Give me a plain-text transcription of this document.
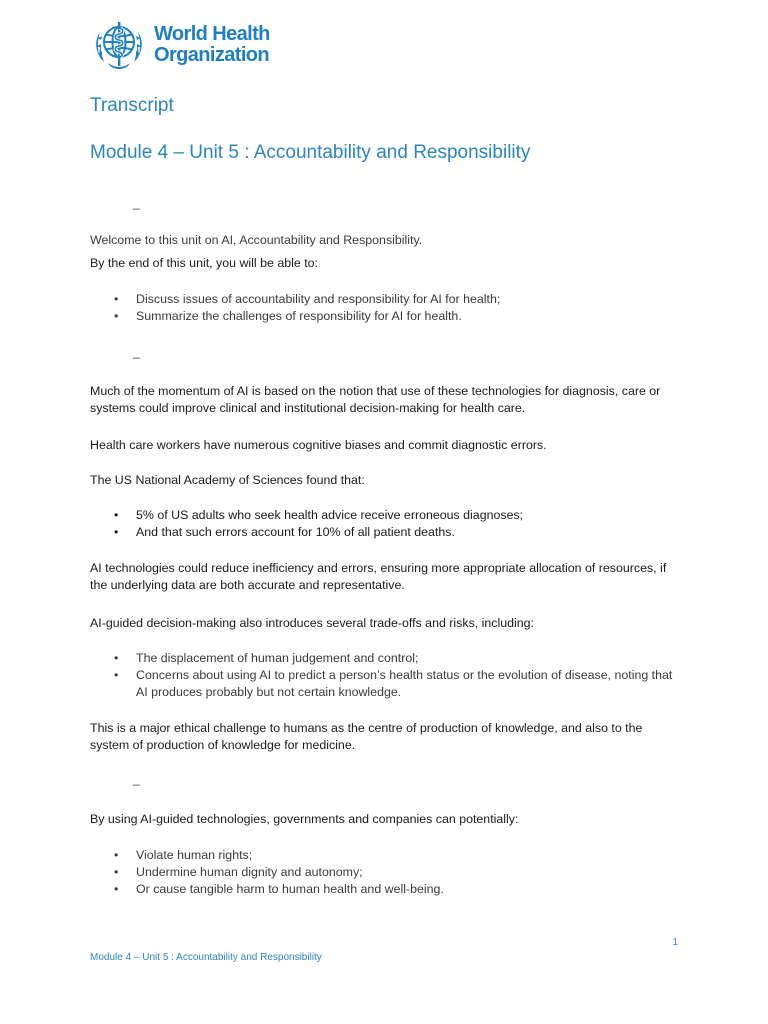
World Health
Organization
Transcript
Module 4 – Unit 5 : Accountability and Responsibility
_

Welcome to this unit on AI, Accountability and Responsibility.

By the end of this unit, you will be able to:

• Discuss issues of accountability and responsibility for AI for health;
• Summarize the challenges of responsibility for AI for health.
_

Much of the momentum of AI is based on the notion that use of these technologies for diagnosis, care or systems could improve clinical and institutional decision-making for health care.

Health care workers have numerous cognitive biases and commit diagnostic errors.

The US National Academy of Sciences found that:

• 5% of US adults who seek health advice receive erroneous diagnoses;
• And that such errors account for 10% of all patient deaths.

AI technologies could reduce inefficiency and errors, ensuring more appropriate allocation of resources, if the underlying data are both accurate and representative.

AI-guided decision-making also introduces several trade-offs and risks, including:

• The displacement of human judgement and control;
• Concerns about using AI to predict a person’s health status or the evolution of disease, noting that AI produces probably but not certain knowledge.

This is a major ethical challenge to humans as the centre of production of knowledge, and also to the system of production of knowledge for medicine.

_

By using AI-guided technologies, governments and companies can potentially:

• Violate human rights;
• Undermine human dignity and autonomy;
• Or cause tangible harm to human health and well-being.
1
Module 4 – Unit 5 : Accountability and Responsibility
